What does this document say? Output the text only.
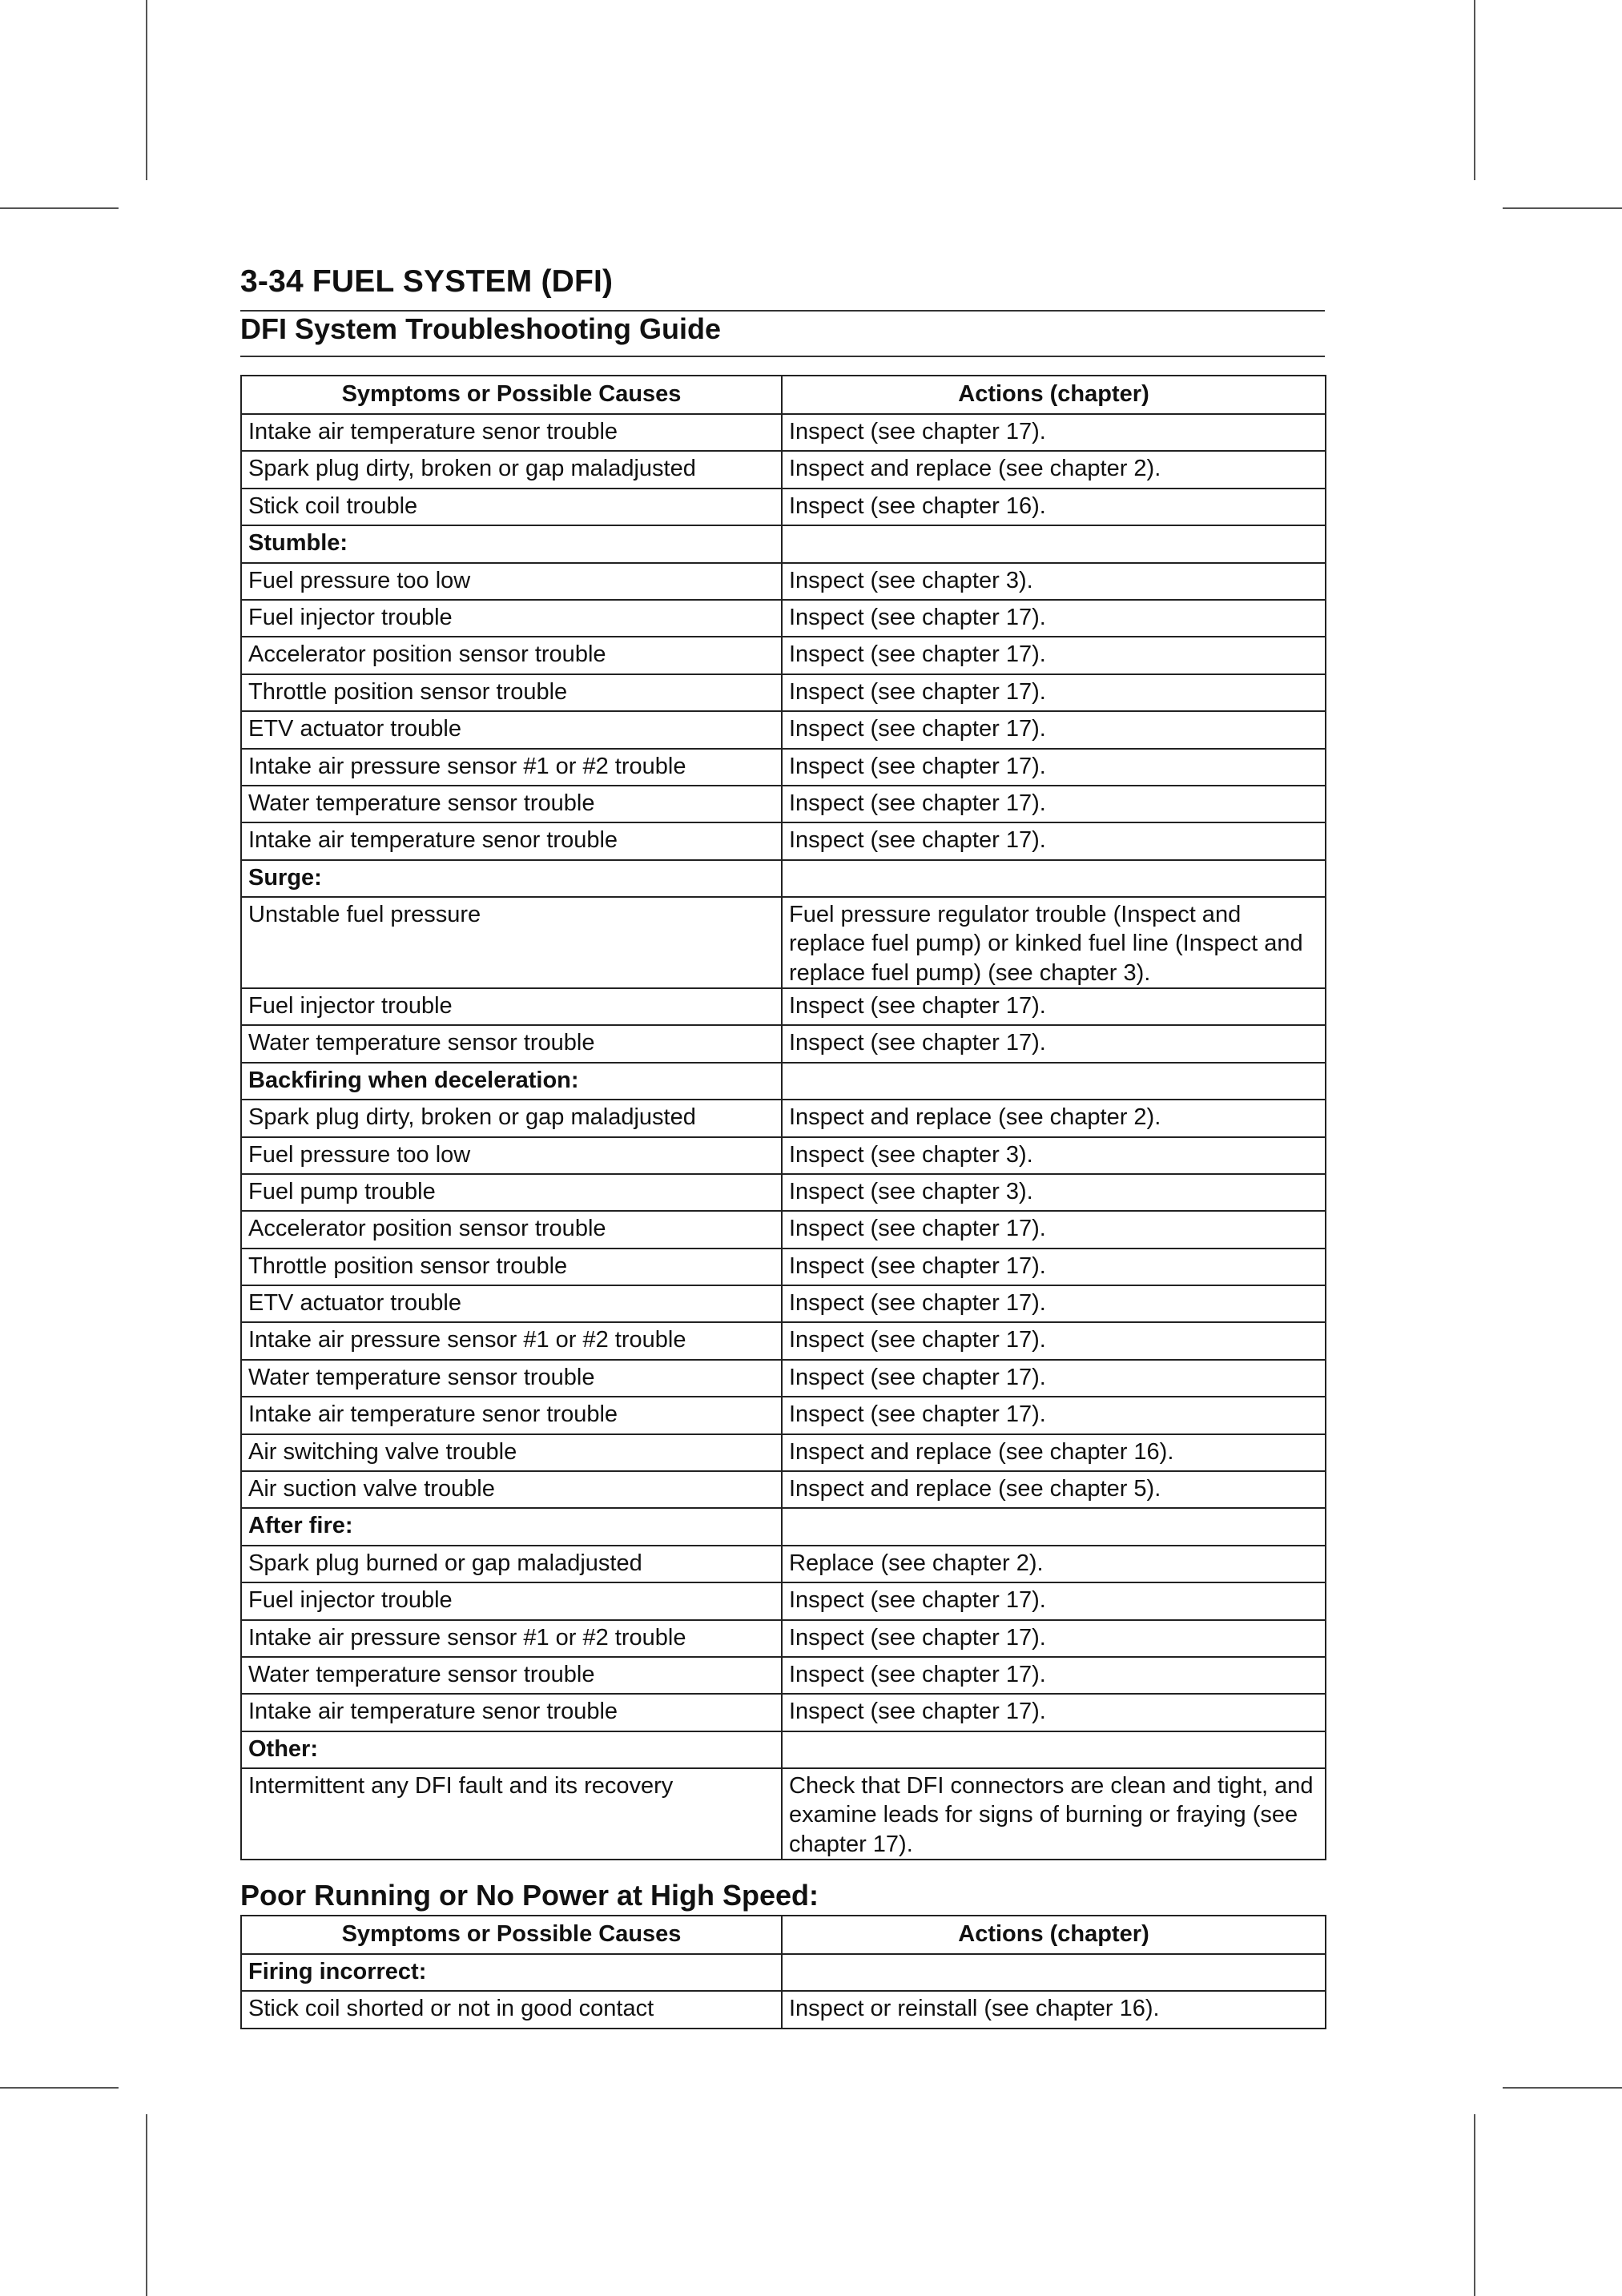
3-34 FUEL SYSTEM (DFI)
DFI System Troubleshooting Guide
Symptoms or Possible Causes	Actions (chapter)
Intake air temperature senor trouble	Inspect (see chapter 17).
Spark plug dirty, broken or gap maladjusted	Inspect and replace (see chapter 2).
Stick coil trouble	Inspect (see chapter 16).
Stumble:	
Fuel pressure too low	Inspect (see chapter 3).
Fuel injector trouble	Inspect (see chapter 17).
Accelerator position sensor trouble	Inspect (see chapter 17).
Throttle position sensor trouble	Inspect (see chapter 17).
ETV actuator trouble	Inspect (see chapter 17).
Intake air pressure sensor #1 or #2 trouble	Inspect (see chapter 17).
Water temperature sensor trouble	Inspect (see chapter 17).
Intake air temperature senor trouble	Inspect (see chapter 17).
Surge:	
Unstable fuel pressure	Fuel pressure regulator trouble (Inspect and replace fuel pump) or kinked fuel line (Inspect and replace fuel pump) (see chapter 3).
Fuel injector trouble	Inspect (see chapter 17).
Water temperature sensor trouble	Inspect (see chapter 17).
Backfiring when deceleration:	
Spark plug dirty, broken or gap maladjusted	Inspect and replace (see chapter 2).
Fuel pressure too low	Inspect (see chapter 3).
Fuel pump trouble	Inspect (see chapter 3).
Accelerator position sensor trouble	Inspect (see chapter 17).
Throttle position sensor trouble	Inspect (see chapter 17).
ETV actuator trouble	Inspect (see chapter 17).
Intake air pressure sensor #1 or #2 trouble	Inspect (see chapter 17).
Water temperature sensor trouble	Inspect (see chapter 17).
Intake air temperature senor trouble	Inspect (see chapter 17).
Air switching valve trouble	Inspect and replace (see chapter 16).
Air suction valve trouble	Inspect and replace (see chapter 5).
After fire:	
Spark plug burned or gap maladjusted	Replace (see chapter 2).
Fuel injector trouble	Inspect (see chapter 17).
Intake air pressure sensor #1 or #2 trouble	Inspect (see chapter 17).
Water temperature sensor trouble	Inspect (see chapter 17).
Intake air temperature senor trouble	Inspect (see chapter 17).
Other:	
Intermittent any DFI fault and its recovery	Check that DFI connectors are clean and tight, and examine leads for signs of burning or fraying (see chapter 17).
Poor Running or No Power at High Speed:
Symptoms or Possible Causes	Actions (chapter)
Firing incorrect:	
Stick coil shorted or not in good contact	Inspect or reinstall (see chapter 16).
